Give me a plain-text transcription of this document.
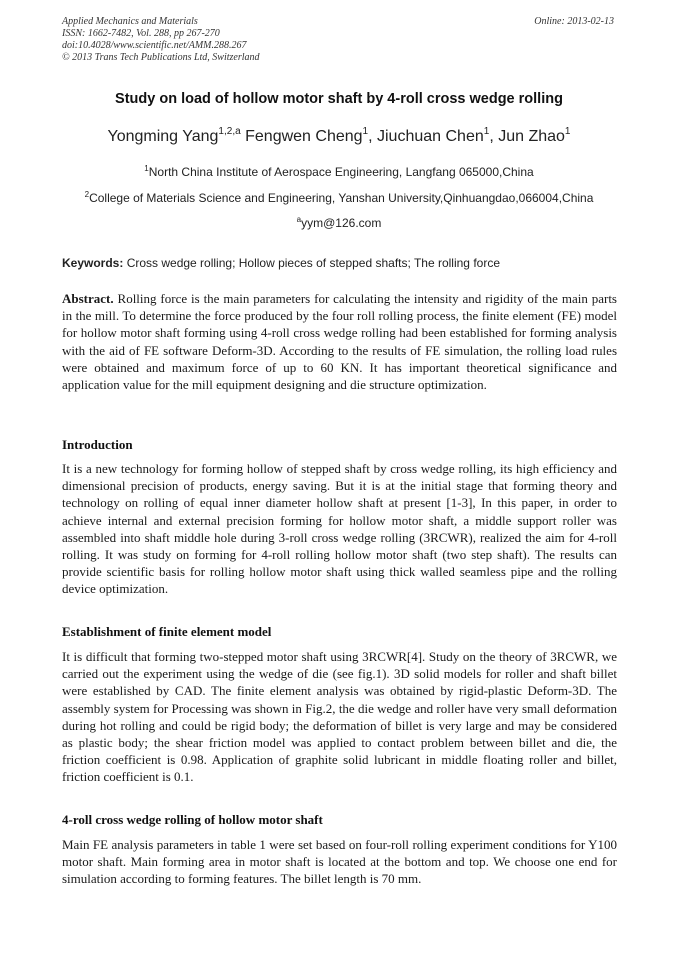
Applied Mechanics and Materials
ISSN: 1662-7482, Vol. 288, pp 267-270
doi:10.4028/www.scientific.net/AMM.288.267
© 2013 Trans Tech Publications Ltd, Switzerland
Online: 2013-02-13
Study on load of hollow motor shaft by 4-roll cross wedge rolling
Yongming Yang$^{1,2,a}$ Fengwen Cheng$^1$, Jiuchuan Chen$^1$, Jun Zhao$^1$
$^1$North China Institute of Aerospace Engineering, Langfang 065000,China
$^2$College of Materials Science and Engineering, Yanshan University,Qinhuangdao,066004,China
$^a$yym@126.com
Keywords: Cross wedge rolling; Hollow pieces of stepped shafts; The rolling force
Abstract. Rolling force is the main parameters for calculating the intensity and rigidity of the main parts in the mill. To determine the force produced by the four roll rolling process, the finite element (FE) model for hollow motor shaft forming using 4-roll cross wedge rolling had been established for forming analysis with the aid of FE software Deform-3D. According to the results of FE simulation, the rolling load rules were obtained and maximum force of up to 60 KN. It has important theoretical significance and application value for the mill equipment designing and die structure optimization.
Introduction
It is a new technology for forming hollow of stepped shaft by cross wedge rolling, its high efficiency and dimensional precision of products, energy saving. But it is at the initial stage that forming theory and technology on rolling of equal inner diameter hollow shaft at present [1-3], In this paper, in order to achieve internal and external precision forming for hollow motor shaft, a middle support roller was assembled into shaft middle hole during 3-roll cross wedge rolling (3RCWR), realized the aim for 4-roll rolling. It was study on forming for 4-roll rolling hollow motor shaft (two step shaft). The results can provide scientific basis for rolling hollow motor shaft using thick walled seamless pipe and the rolling device optimization.
Establishment of finite element model
It is difficult that forming two-stepped motor shaft using 3RCWR[4]. Study on the theory of 3RCWR, we carried out the experiment using the wedge of die (see fig.1). 3D solid models for roller and shaft billet were established by CAD. The finite element analysis was obtained by rigid-plastic Deform-3D. The assembly system for Processing was shown in Fig.2, the die wedge and roller have very small deformation during hot rolling and could be rigid body; the deformation of billet is very large and may be considered as plastic body; the shear friction model was applied to contact problem between billet and die, the friction coefficient is 0.98. Application of graphite solid lubricant in middle floating roller and billet, friction coefficient is 0.1.
4-roll cross wedge rolling of hollow motor shaft
Main FE analysis parameters in table 1 were set based on four-roll rolling experiment conditions for Y100 motor shaft. Main forming area in motor shaft is located at the bottom and top. We choose one end for simulation according to forming features. The billet length is 70 mm.
